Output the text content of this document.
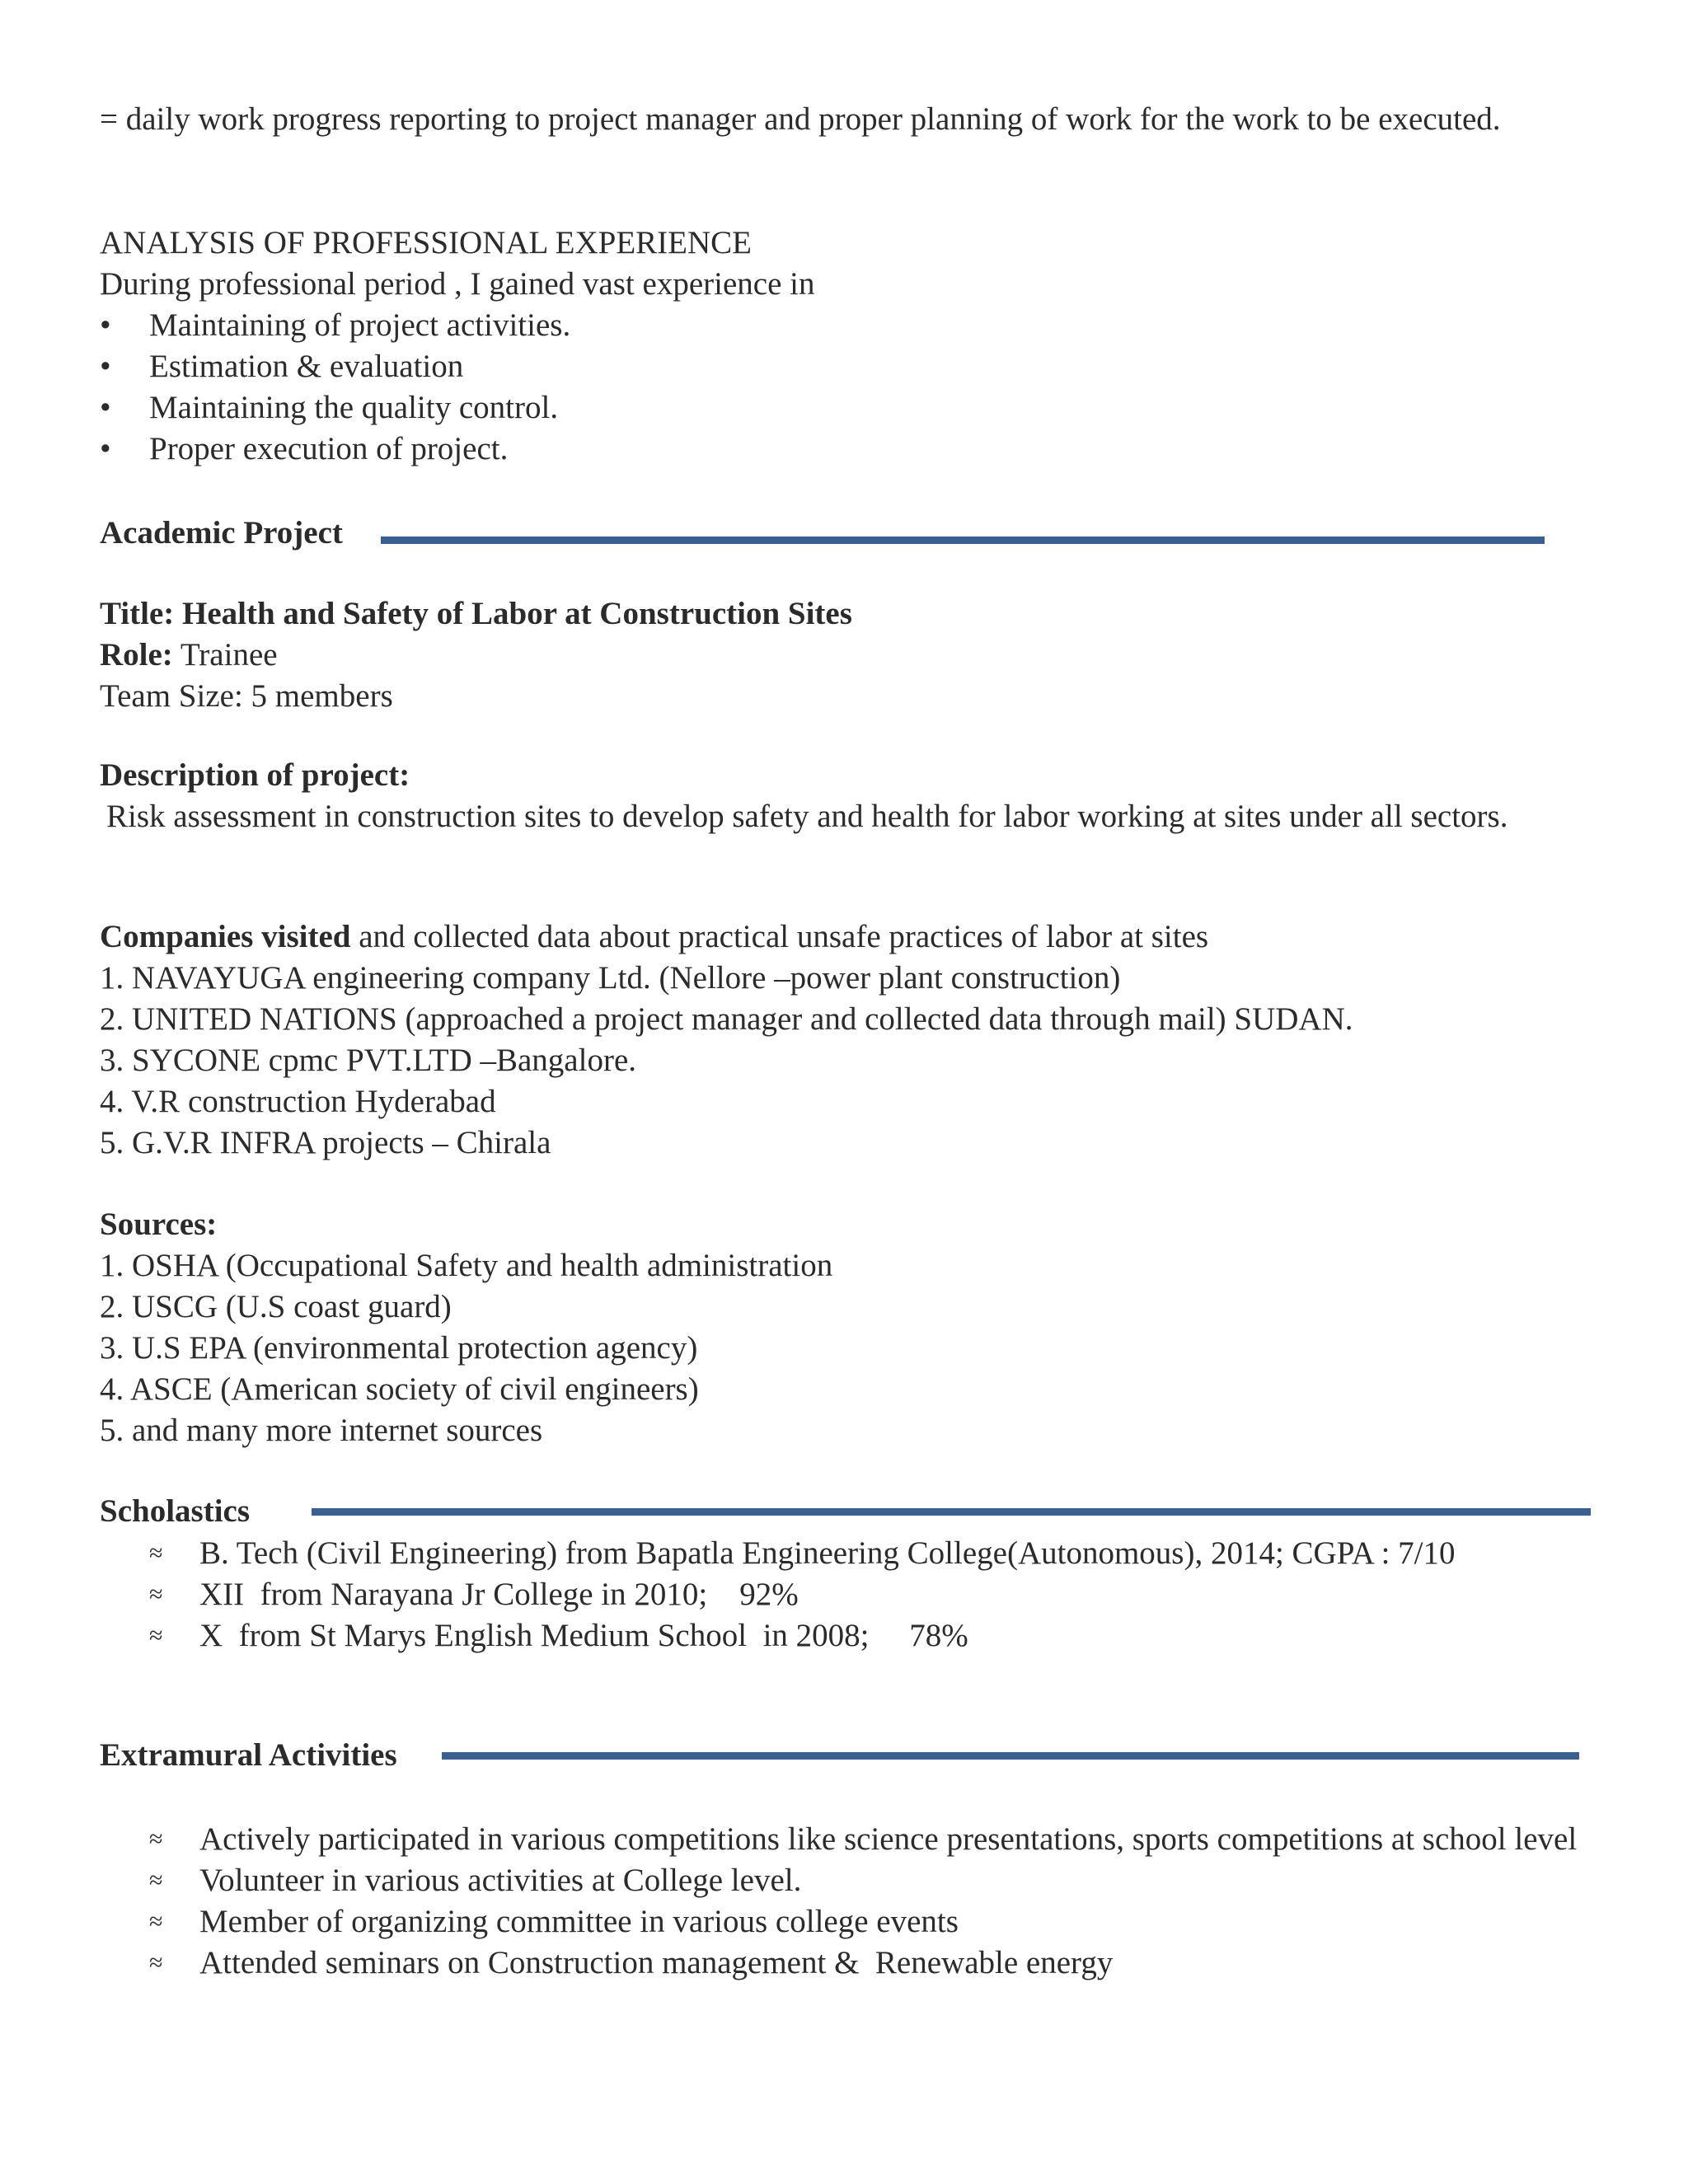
= daily work progress reporting to project manager and proper planning of work for the work to be executed.

ANALYSIS OF PROFESSIONAL EXPERIENCE

During professional period , I gained vast experience in

•	Maintaining of project activities.
•	Estimation & evaluation
•	Maintaining the quality control.
•	Proper execution of project.
Academic Project

Title: Health and Safety of Labor at Construction Sites

Role: Trainee

Team Size: 5 members

Description of project:

Risk assessment in construction sites to develop safety and health for labor working at sites under all sectors.

Companies visited and collected data about practical unsafe practices of labor at sites

1. NAVAYUGA engineering company Ltd. (Nellore –power plant construction)

2. UNITED NATIONS (approached a project manager and collected data through mail) SUDAN.

3. SYCONE cpmc PVT.LTD –Bangalore.

4. V.R construction Hyderabad

5. G.V.R INFRA projects – Chirala

Sources:

1. OSHA (Occupational Safety and health administration

2. USCG (U.S coast guard)

3. U.S EPA (environmental protection agency)

4. ASCE (American society of civil engineers)

5. and many more internet sources

Scholastics
≈ B. Tech (Civil Engineering) from Bapatla Engineering College(Autonomous), 2014; CGPA : 7/10
≈ XII  from Narayana Jr College in 2010;    92%
≈ X  from St Marys English Medium School  in 2008;     78%
Extramural Activities
≈ Actively participated in various competitions like science presentations, sports competitions at school level
≈ Volunteer in various activities at College level.
≈ Member of organizing committee in various college events
≈ Attended seminars on Construction management &  Renewable energy
